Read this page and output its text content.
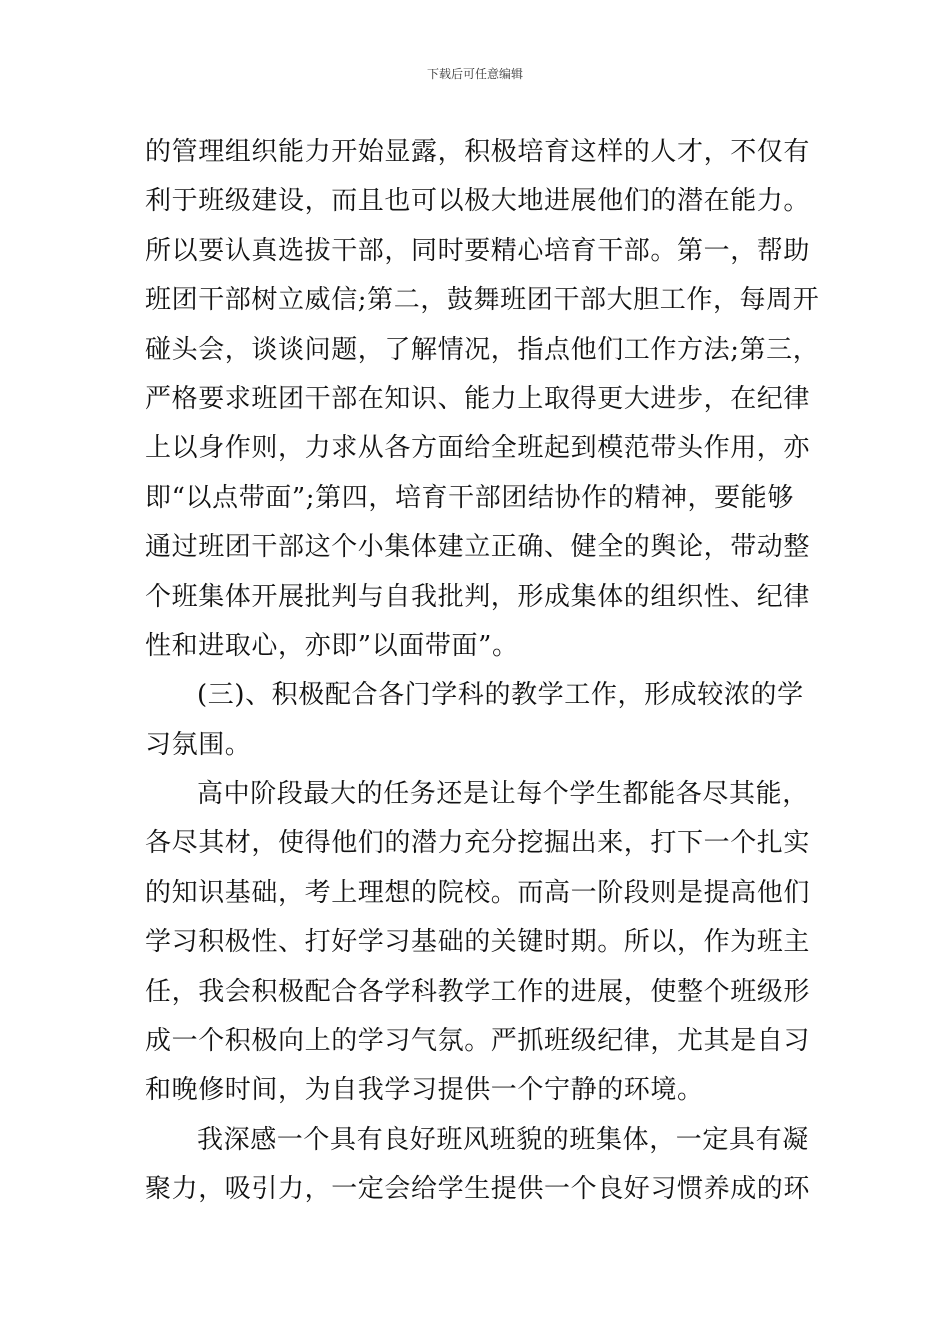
下载后可任意编辑
的管理组织能力开始显露，积极培育这样的人才，不仅有
利于班级建设，而且也可以极大地进展他们的潜在能力。
所以要认真选拔干部，同时要精心培育干部。第一，帮助
班团干部树立威信;第二，鼓舞班团干部大胆工作，每周开
碰头会，谈谈问题，了解情况，指点他们工作方法;第三，
严格要求班团干部在知识、能力上取得更大进步，在纪律
上以身作则，力求从各方面给全班起到模范带头作用，亦
即“以点带面”;第四，培育干部团结协作的精神，要能够
通过班团干部这个小集体建立正确、健全的舆论，带动整
个班集体开展批判与自我批判，形成集体的组织性、纪律
性和进取心，亦即”以面带面”。
(三)、积极配合各门学科的教学工作，形成较浓的学
习氛围。
高中阶段最大的任务还是让每个学生都能各尽其能，
各尽其材，使得他们的潜力充分挖掘出来，打下一个扎实
的知识基础，考上理想的院校。而高一阶段则是提高他们
学习积极性、打好学习基础的关键时期。所以，作为班主
任，我会积极配合各学科教学工作的进展，使整个班级形
成一个积极向上的学习气氛。严抓班级纪律，尤其是自习
和晚修时间，为自我学习提供一个宁静的环境。
我深感一个具有良好班风班貌的班集体，一定具有凝
聚力，吸引力，一定会给学生提供一个良好习惯养成的环
